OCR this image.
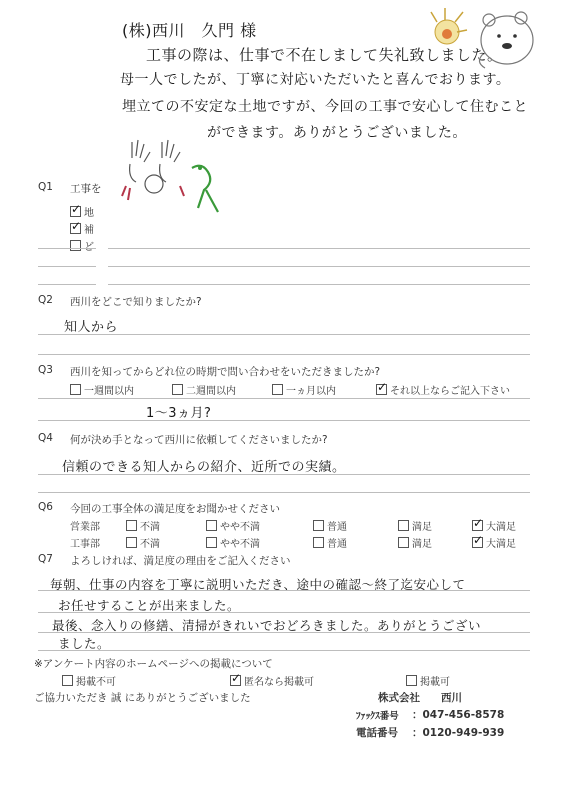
(株)西川　久門 様
工事の際は、仕事で不在しまして失礼致しました。
母一人でしたが、丁寧に対応いただいたと喜んでおります。
埋立ての不安定な土地ですが、今回の工事で安心して住むこと
ができます。ありがとうございました。
Q1 工事を
✓地
✓補
ど
Q2 西川をどこで知りましたか?
知人から
Q3 西川を知ってからどれ位の時期で問い合わせをいただきましたか?
一週間以内	二週間以内	一ヵ月以内 ✓	それ以上ならご記入下さい
1～3ヵ月?
Q4 何が決め手となって西川に依頼してくださいましたか?
信頼のできる知人からの紹介、近所での実績。
Q6 今回の工事全体の満足度をお聞かせください
営業部	不満	やや不満	普通	満足 ✓	大満足
工事部	不満	やや不満	普通	満足 ✓	大満足
Q7 よろしければ、満足度の理由をご記入ください
毎朝、仕事の内容を丁寧に説明いただき、途中の確認～終了迄安心して
お任せすることが出来ました。
最後、念入りの修繕、清掃がきれいでおどろきました。ありがとうござい
ました。
※アンケート内容のホームページへの掲載について
掲載不可 ✓	匿名なら掲載可	掲載可
ご協力いただき 誠 にありがとうございました	株式会社　　西川
ﾌｧｯｸｽ番号 ：047-456-8578
電話番号 ：0120-949-939
